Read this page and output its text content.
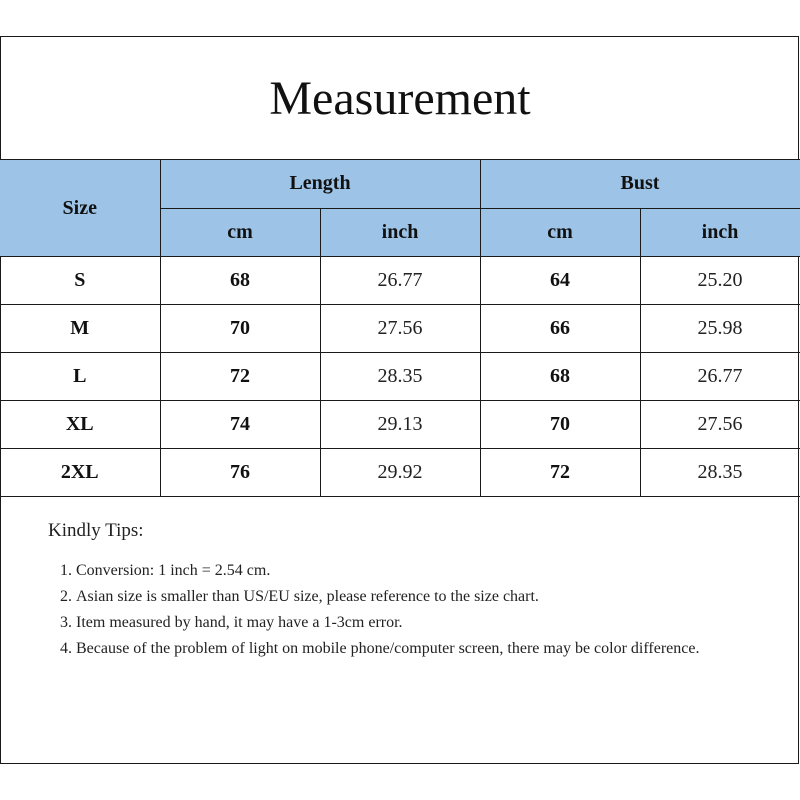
Measurement
Size	Length		Bust	
	cm	inch	cm	inch
S	68	26.77	64	25.20
M	70	27.56	66	25.98
L	72	28.35	68	26.77
XL	74	29.13	70	27.56
2XL	76	29.92	72	28.35
Kindly Tips:
1. Conversion: 1 inch = 2.54 cm.
2. Asian size is smaller than US/EU size, please reference to the size chart.
3. Item measured by hand, it may have a 1-3cm error.
4. Because of the problem of light on mobile phone/computer screen, there may be color difference.
